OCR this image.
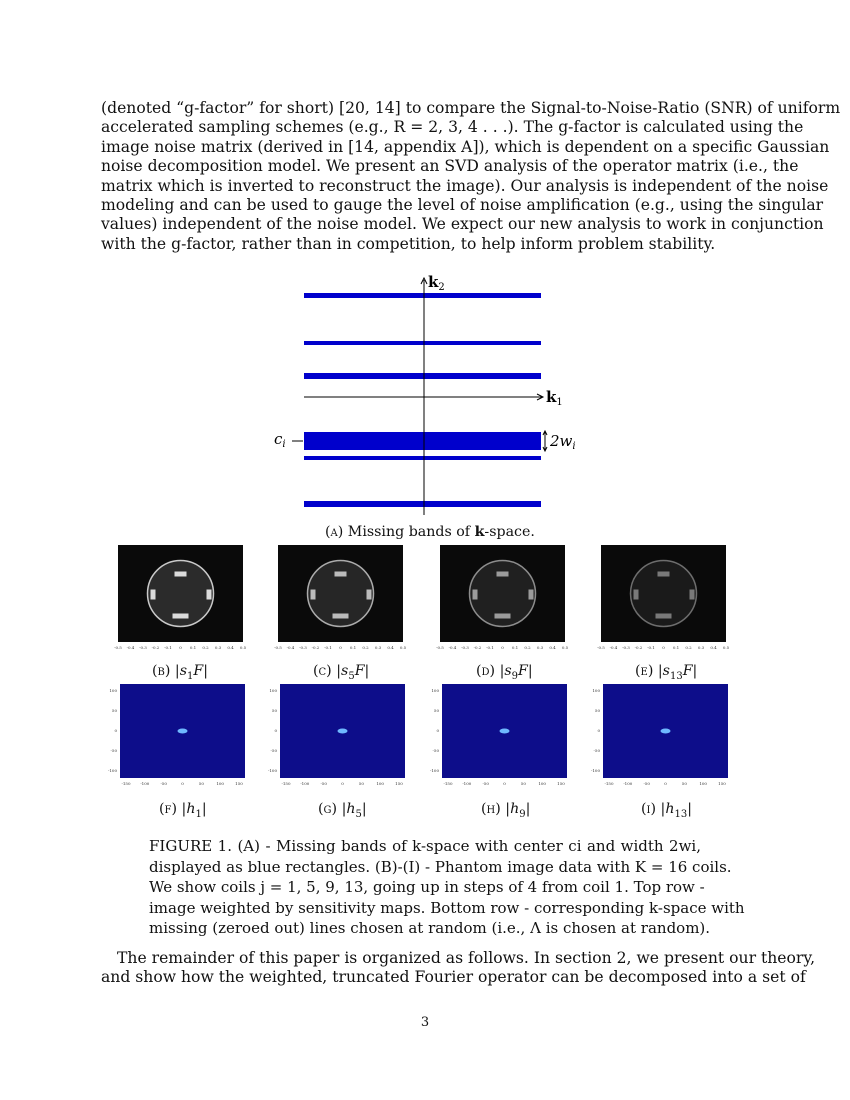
(denoted “g-factor” for short) [20, 14] to compare the Signal-to-Noise-Ratio (SNR) of uniform
accelerated sampling schemes (e.g., R = 2, 3, 4 . . .). The g-factor is calculated using the
image noise matrix (derived in [14, appendix A]), which is dependent on a specific Gaussian
noise decomposition model. We present an SVD analysis of the operator matrix (i.e., the
matrix which is inverted to reconstruct the image). Our analysis is independent of the noise
modeling and can be used to gauge the level of noise amplification (e.g., using the singular
values) independent of the noise model. We expect our new analysis to work in conjunction
with the g-factor, rather than in competition, to help inform problem stability.
$k_2$
$k_1$
$c_i$	$2w_i$
(a) Missing bands of k-space.
-0.5 -0.4 -0.3 -0.2 -0.1 0 0.1 0.2 0.3 0.4 0.5	-0.5 -0.4 -0.3 -0.2 -0.1 0 0.1 0.2 0.3 0.4 0.5	-0.5 -0.4 -0.3 -0.2 -0.1 0 0.1 0.2 0.3 0.4 0.5	-0.5 -0.4 -0.3 -0.2 -0.1 0 0.1 0.2 0.3 0.4 0.5
-150 -100	-50	0	50	100	150
100
50
0
-50
-100
-150 -100	-50	0	50	100	150
100
50
0
-50
-100
-150 -100	-50	0	50	100	150
100
50
0
-50
-100
-150 -100	-50	0	50	100	150
100
50
0
-50
-100
(b) $|s_1F|$	(c) $|s_5F|$	(d) $|s_9F|$	(e) $|s_{13}F|$
(f) $|h_1|$	(g) $|h_5|$	(h) $|h_9|$	(i) $|h_{13}|$
FIGURE 1. (A) - Missing bands of k-space with center ci and width 2wi,
displayed as blue rectangles. (B)-(I) - Phantom image data with K = 16 coils.
We show coils j = 1, 5, 9, 13, going up in steps of 4 from coil 1. Top row -
image weighted by sensitivity maps. Bottom row - corresponding k-space with
missing (zeroed out) lines chosen at random (i.e., Λ is chosen at random).
The remainder of this paper is organized as follows. In section 2, we present our theory,
and show how the weighted, truncated Fourier operator can be decomposed into a set of
3
